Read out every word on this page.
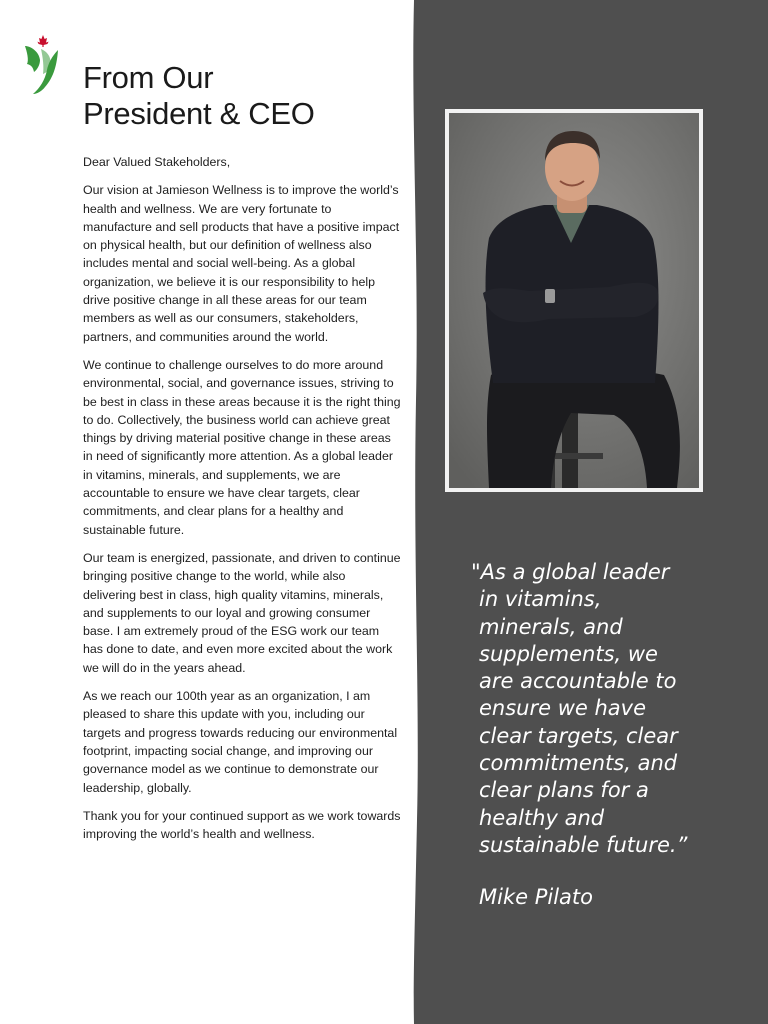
From Our
President & CEO

Dear Valued Stakeholders,

Our vision at Jamieson Wellness is to improve the world’s health and wellness. We are very fortunate to manufacture and sell products that have a positive impact on physical health, but our definition of wellness also includes mental and social well-being. As a global organization, we believe it is our responsibility to help drive positive change in all these areas for our team members as well as our consumers, stakeholders, partners, and communities around the world.

We continue to challenge ourselves to do more around environmental, social, and governance issues, striving to be best in class in these areas because it is the right thing to do. Collectively, the business world can achieve great things by driving material positive change in these areas in need of significantly more attention. As a global leader in vitamins, minerals, and supplements, we are accountable to ensure we have clear targets, clear commitments, and clear plans for a healthy and sustainable future.

Our team is energized, passionate, and driven to continue bringing positive change to the world, while also delivering best in class, high quality vitamins, minerals, and supplements to our loyal and growing consumer base. I am extremely proud of the ESG work our team has done to date, and even more excited about the work we will do in the years ahead.

As we reach our 100th year as an organization, I am pleased to share this update with you, including our targets and progress towards reducing our environmental footprint, impacting social change, and improving our governance model as we continue to demonstrate our leadership, globally.

Thank you for your continued support as we work towards improving the world’s health and wellness.

"As a global leader
in vitamins,
minerals, and
supplements, we
are accountable to
ensure we have
clear targets, clear
commitments, and
clear plans for a
healthy and
sustainable future.”

Mike Pilato
